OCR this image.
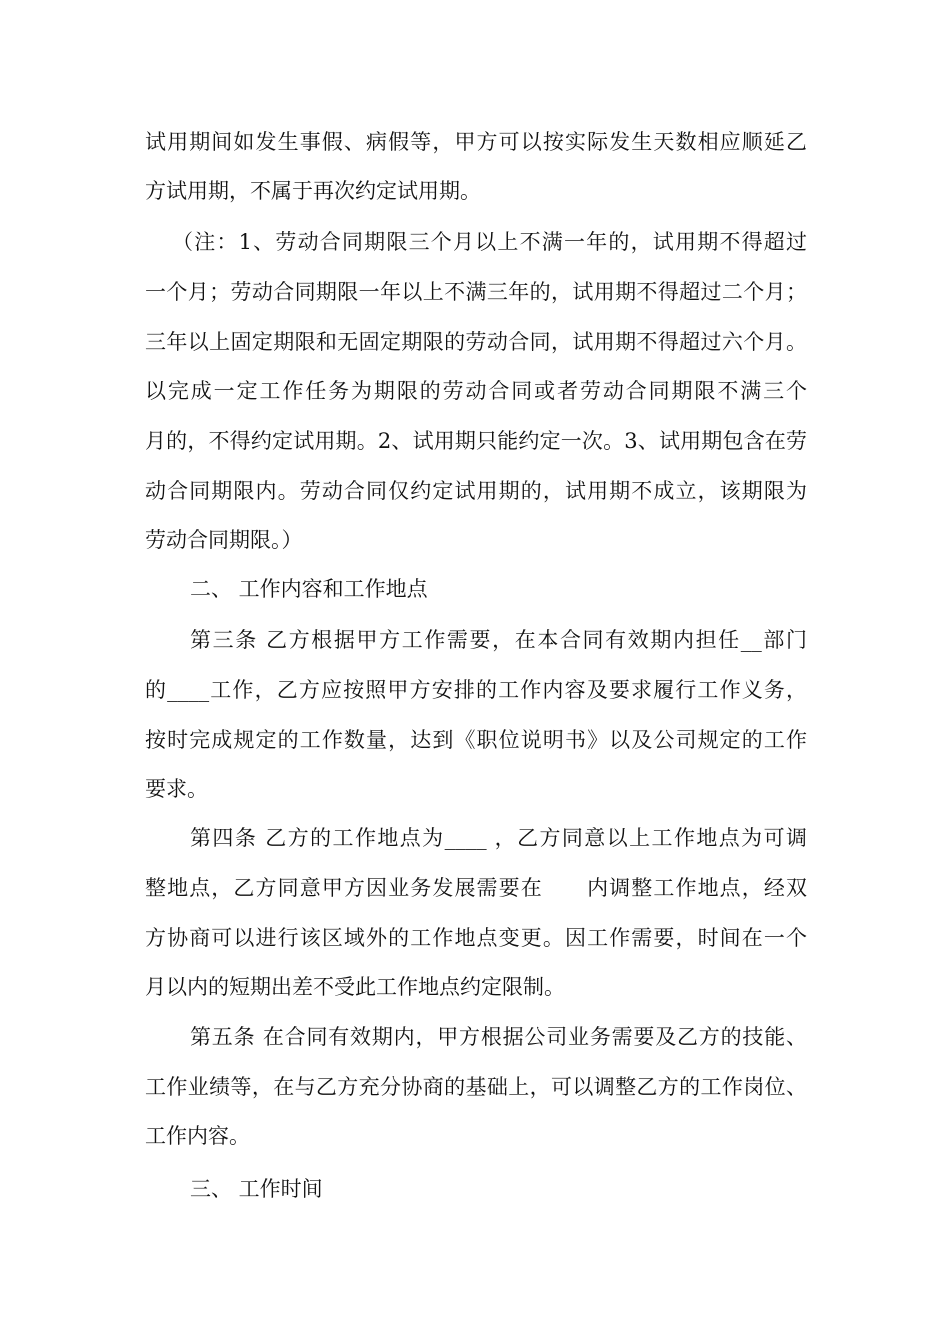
试用期间如发生事假、病假等，甲方可以按实际发生天数相应顺延乙
方试用期，不属于再次约定试用期。
（注：1、劳动合同期限三个月以上不满一年的，试用期不得超过
一个月；劳动合同期限一年以上不满三年的，试用期不得超过二个月；
三年以上固定期限和无固定期限的劳动合同，试用期不得超过六个月。
以完成一定工作任务为期限的劳动合同或者劳动合同期限不满三个
月的，不得约定试用期。2、试用期只能约定一次。3、试用期包含在劳
动合同期限内。劳动合同仅约定试用期的，试用期不成立，该期限为
劳动合同期限。）
二、 工作内容和工作地点
第三条 乙方根据甲方工作需要，在本合同有效期内担任__部门
的____工作，乙方应按照甲方安排的工作内容及要求履行工作义务，
按时完成规定的工作数量，达到《职位说明书》以及公司规定的工作
要求。
第四条 乙方的工作地点为____ ，乙方同意以上工作地点为可调
整地点，乙方同意甲方因业务发展需要在　　内调整工作地点，经双
方协商可以进行该区域外的工作地点变更。因工作需要，时间在一个
月以内的短期出差不受此工作地点约定限制。
第五条 在合同有效期内，甲方根据公司业务需要及乙方的技能、
工作业绩等，在与乙方充分协商的基础上，可以调整乙方的工作岗位、
工作内容。
三、 工作时间
